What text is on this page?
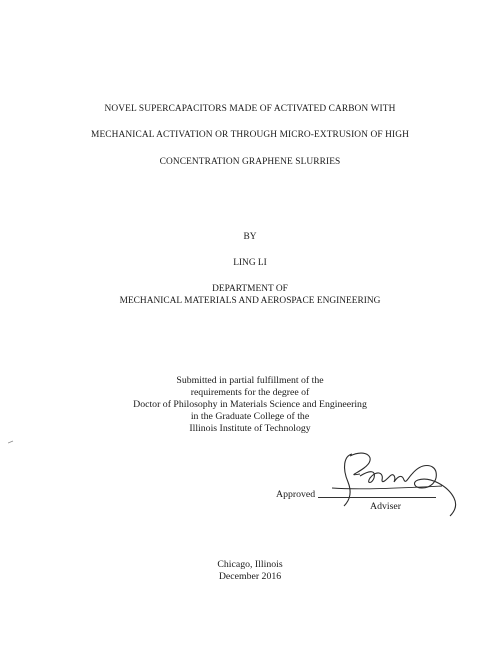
NOVEL SUPERCAPACITORS MADE OF ACTIVATED CARBON WITH
MECHANICAL ACTIVATION OR THROUGH MICRO-EXTRUSION OF HIGH
CONCENTRATION GRAPHENE SLURRIES
BY
LING LI
DEPARTMENT OF
MECHANICAL MATERIALS AND AEROSPACE ENGINEERING
Submitted in partial fulfillment of the
requirements for the degree of
Doctor of Philosophy in Materials Science and Engineering
in the Graduate College of the
Illinois Institute of Technology
Approved
Adviser
Chicago, Illinois
December 2016
